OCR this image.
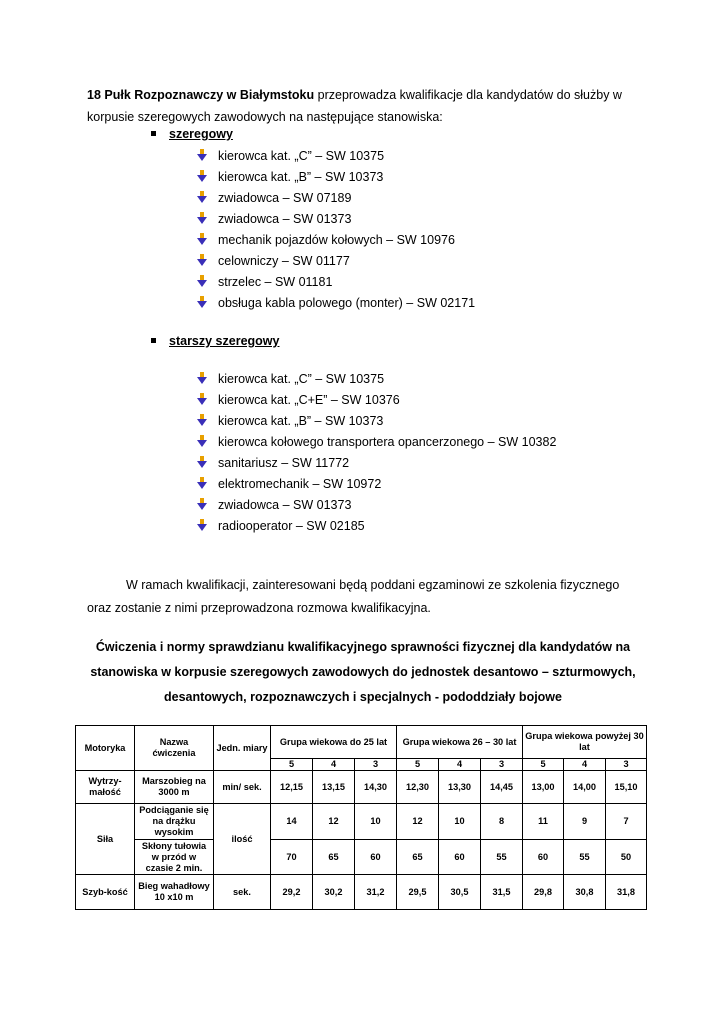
18 Pułk Rozpoznawczy w Białymstoku przeprowadza kwalifikacje dla kandydatów do służby w korpusie szeregowych zawodowych na następujące stanowiska:
szeregowy
kierowca kat. „C” – SW 10375
kierowca kat. „B” – SW 10373
zwiadowca – SW 07189
zwiadowca – SW 01373
mechanik pojazdów kołowych – SW 10976
celowniczy – SW 01177
strzelec – SW 01181
obsługa kabla polowego (monter) – SW 02171
starszy szeregowy
kierowca kat. „C” – SW 10375
kierowca kat. „C+E” – SW 10376
kierowca kat. „B” – SW 10373
kierowca kołowego transportera opancerzonego – SW 10382
sanitariusz – SW 11772
elektromechanik – SW 10972
zwiadowca – SW 01373
radiooperator – SW 02185
W ramach kwalifikacji, zainteresowani będą poddani egzaminowi ze szkolenia fizycznego oraz zostanie z nimi przeprowadzona rozmowa kwalifikacyjna.
Ćwiczenia i normy sprawdzianu kwalifikacyjnego sprawności fizycznej dla kandydatów na stanowiska w korpusie szeregowych zawodowych do jednostek desantowo – szturmowych, desantowych, rozpoznawczych i specjalnych - pododdziały bojowe
Motoryka	Nazwa ćwiczenia	Jedn. miary	Grupa wiekowa do 25 lat			Grupa wiekowa 26 – 30 lat			Grupa wiekowa powyżej 30 lat		
			5	4	3	5	4	3	5	4	3
Wytrzy-małość	Marszobieg na 3000 m	min/ sek.	12,15	13,15	14,30	12,30	13,30	14,45	13,00	14,00	15,10
Siła	Podciąganie się na drążku wysokim	ilość	14	12	10	12	10	8	11	9	7
	Skłony tułowia w przód w czasie 2 min.		70	65	60	65	60	55	60	55	50
Szyb-kość	Bieg wahadłowy 10 x10 m	sek.	29,2	30,2	31,2	29,5	30,5	31,5	29,8	30,8	31,8
